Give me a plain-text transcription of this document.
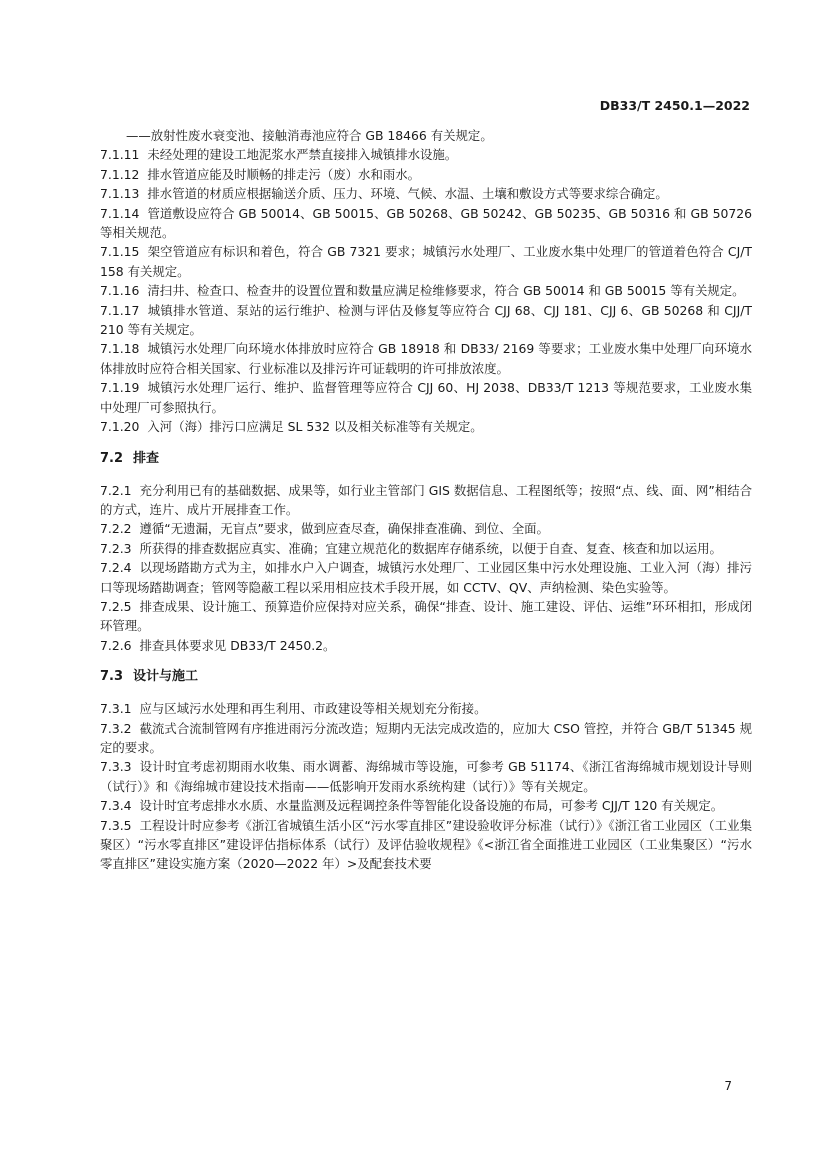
DB33/T 2450.1—2022

——放射性废水衰变池、接触消毒池应符合 GB 18466 有关规定。

7.1.11 未经处理的建设工地泥浆水严禁直接排入城镇排水设施。

7.1.12 排水管道应能及时顺畅的排走污（废）水和雨水。

7.1.13 排水管道的材质应根据输送介质、压力、环境、气候、水温、土壤和敷设方式等要求综合确定。

7.1.14 管道敷设应符合 GB 50014、GB 50015、GB 50268、GB 50242、GB 50235、GB 50316 和 GB 50726 等相关规范。

7.1.15 架空管道应有标识和着色，符合 GB 7321 要求；城镇污水处理厂、工业废水集中处理厂的管道着色符合 CJ/T 158 有关规定。

7.1.16 清扫井、检查口、检查井的设置位置和数量应满足检维修要求，符合 GB 50014 和 GB 50015 等有关规定。

7.1.17 城镇排水管道、泵站的运行维护、检测与评估及修复等应符合 CJJ 68、CJJ 181、CJJ 6、GB 50268 和 CJJ/T 210 等有关规定。

7.1.18 城镇污水处理厂向环境水体排放时应符合 GB 18918 和 DB33/ 2169 等要求；工业废水集中处理厂向环境水体排放时应符合相关国家、行业标准以及排污许可证载明的许可排放浓度。

7.1.19 城镇污水处理厂运行、维护、监督管理等应符合 CJJ 60、HJ 2038、DB33/T 1213 等规范要求，工业废水集中处理厂可参照执行。

7.1.20 入河（海）排污口应满足 SL 532 以及相关标准等有关规定。

7.2 排查

7.2.1 充分利用已有的基础数据、成果等，如行业主管部门 GIS 数据信息、工程图纸等；按照“点、线、面、网”相结合的方式，连片、成片开展排查工作。

7.2.2 遵循“无遗漏，无盲点”要求，做到应查尽查，确保排查准确、到位、全面。

7.2.3 所获得的排查数据应真实、准确；宜建立规范化的数据库存储系统，以便于自查、复查、核查和加以运用。

7.2.4 以现场踏勘方式为主，如排水户入户调查，城镇污水处理厂、工业园区集中污水处理设施、工业入河（海）排污口等现场踏勘调查；管网等隐蔽工程以采用相应技术手段开展，如 CCTV、QV、声纳检测、染色实验等。

7.2.5 排查成果、设计施工、预算造价应保持对应关系，确保“排查、设计、施工建设、评估、运维”环环相扣，形成闭环管理。

7.2.6 排查具体要求见 DB33/T 2450.2。

7.3 设计与施工

7.3.1 应与区域污水处理和再生利用、市政建设等相关规划充分衔接。

7.3.2 截流式合流制管网有序推进雨污分流改造；短期内无法完成改造的，应加大 CSO 管控，并符合 GB/T 51345 规定的要求。

7.3.3 设计时宜考虑初期雨水收集、雨水调蓄、海绵城市等设施，可参考 GB 51174、《浙江省海绵城市规划设计导则（试行）》和《海绵城市建设技术指南——低影响开发雨水系统构建（试行）》等有关规定。

7.3.4 设计时宜考虑排水水质、水量监测及远程调控条件等智能化设备设施的布局，可参考 CJJ/T 120 有关规定。

7.3.5 工程设计时应参考《浙江省城镇生活小区“污水零直排区”建设验收评分标准（试行）》《浙江省工业园区（工业集聚区）“污水零直排区”建设评估指标体系（试行）及评估验收规程》《<浙江省全面推进工业园区（工业集聚区）“污水零直排区”建设实施方案（2020—2022 年）>及配套技术要

7
